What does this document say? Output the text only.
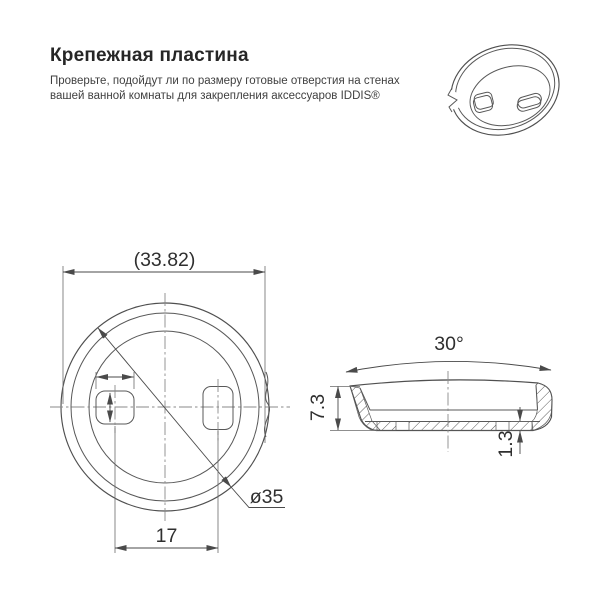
Крепежная пластина
Проверьте, подойдут ли по размеру готовые отверстия на стенах
вашей ванной комнаты для закрепления аксессуаров IDDIS®
(33.82)
17
ø35
30°
7.3
1.3
